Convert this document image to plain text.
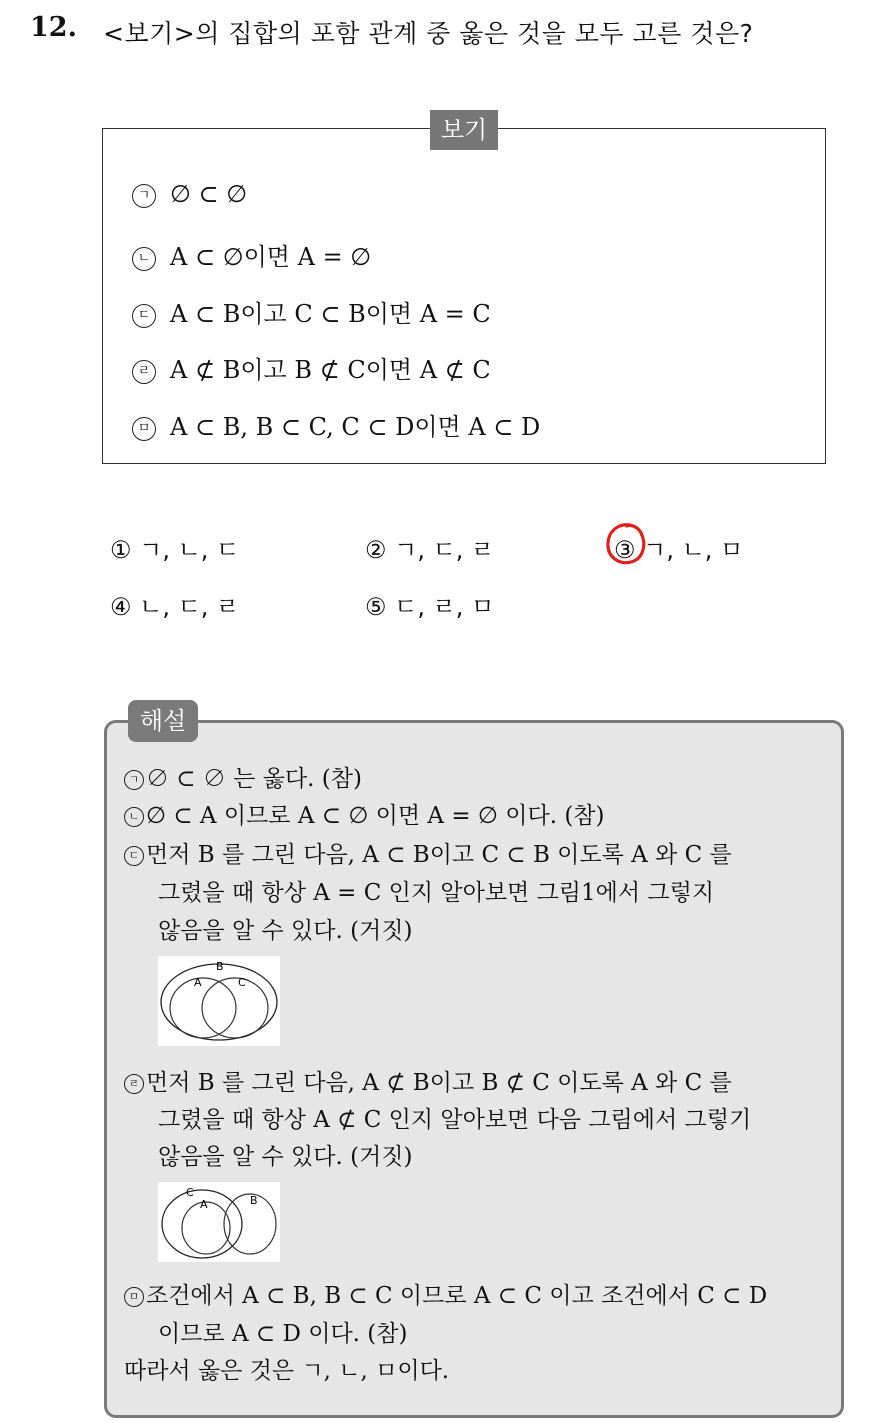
12. <보기>의 집합의 포함 관계 중 옳은 것을 모두 고른 것은?
보기
ㄱ ∅ ⊂ ∅
ㄴ A ⊂ ∅이면 A = ∅
ㄷ A ⊂ B이고 C ⊂ B이면 A = C
ㄹ A ⊄ B이고 B ⊄ C이면 A ⊄ C
ㅁ A ⊂ B, B ⊂ C, C ⊂ D이면 A ⊂ D
① ㄱ, ㄴ, ㄷ	② ㄱ, ㄷ, ㄹ	③ ㄱ, ㄴ, ㅁ
④ ㄴ, ㄷ, ㄹ	⑤ ㄷ, ㄹ, ㅁ
해설
ㄱ ∅ ⊂ ∅ 는 옳다. (참)
ㄴ ∅ ⊂ A 이므로 A ⊂ ∅ 이면 A = ∅ 이다. (참)
ㄷ 먼저 B 를 그린 다음, A ⊂ B이고 C ⊂ B 이도록 A 와 C 를
그렸을 때 항상 A = C 인지 알아보면 그림1에서 그렇지
않음을 알 수 있다. (거짓)
B
A	C
ㄹ 먼저 B 를 그린 다음, A ⊄ B이고 B ⊄ C 이도록 A 와 C 를
그렸을 때 항상 A ⊄ C 인지 알아보면 다음 그림에서 그렇기
않음을 알 수 있다. (거짓)
C
A	B
ㅁ 조건에서 A ⊂ B, B ⊂ C 이므로 A ⊂ C 이고 조건에서 C ⊂ D
이므로 A ⊂ D 이다. (참)
따라서 옳은 것은 ㄱ, ㄴ, ㅁ이다.
